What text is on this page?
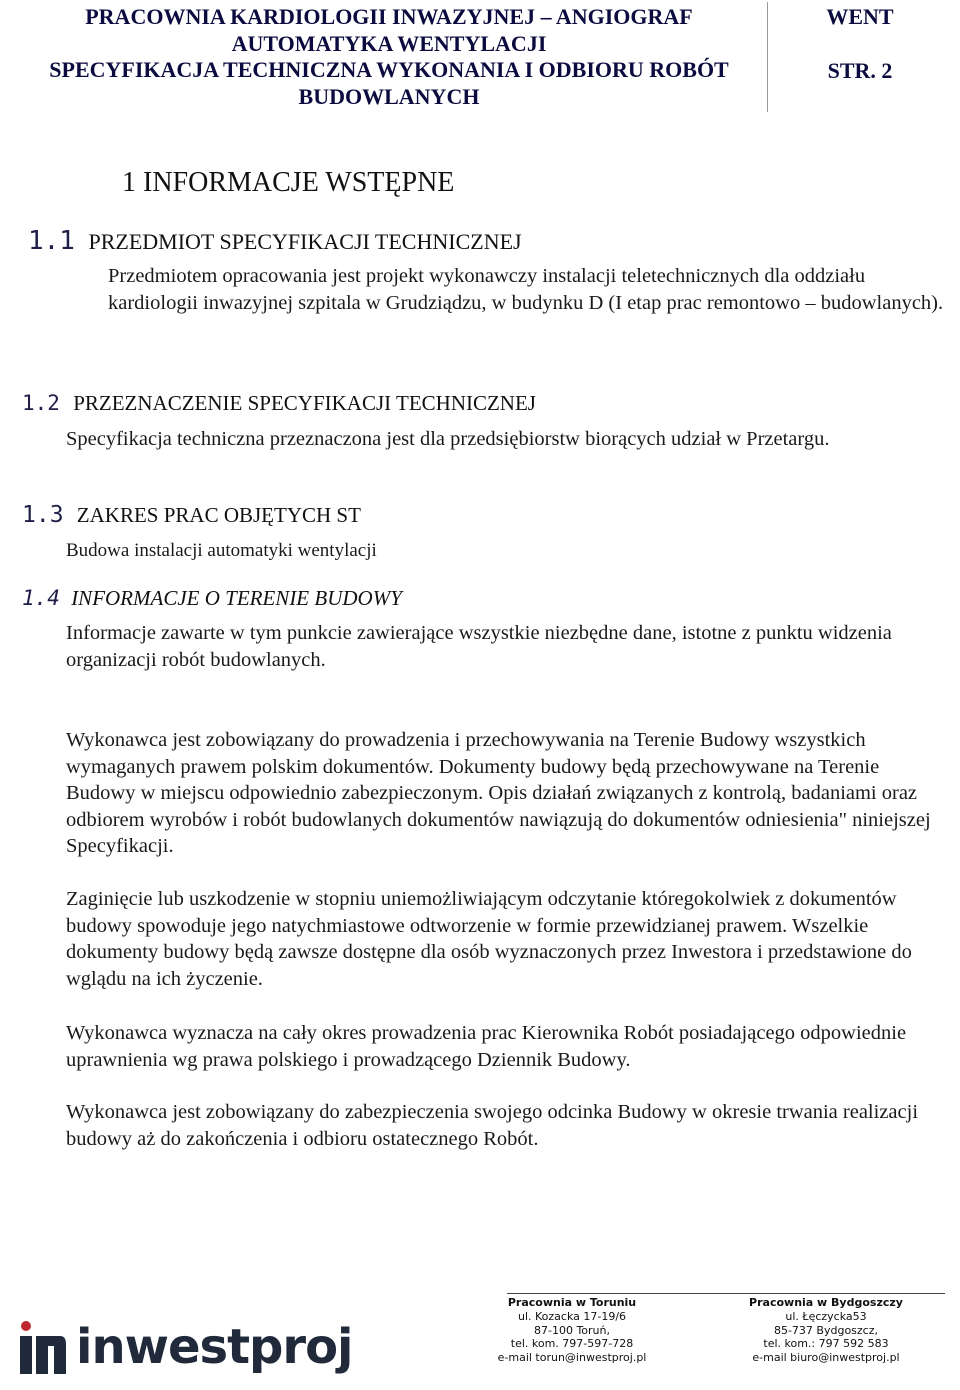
PRACOWNIA KARDIOLOGII INWAZYJNEJ – ANGIOGRAF
AUTOMATYKA WENTYLACJI
SPECYFIKACJA TECHNICZNA WYKONANIA I ODBIORU ROBÓT
BUDOWLANYCH
WENT
STR. 2
1 INFORMACJE WSTĘPNE
1.1 PRZEDMIOT SPECYFIKACJI TECHNICZNEJ

Przedmiotem opracowania jest projekt wykonawczy instalacji teletechnicznych dla oddziału kardiologii inwazyjnej szpitala w Grudziądzu, w budynku D (I etap prac remontowo – budowlanych).

1.2 PRZEZNACZENIE SPECYFIKACJI TECHNICZNEJ

Specyfikacja techniczna przeznaczona jest dla przedsiębiorstw biorących udział w Przetargu.

1.3 ZAKRES PRAC OBJĘTYCH ST

Budowa instalacji automatyki wentylacji

1.4 INFORMACJE O TERENIE BUDOWY

Informacje zawarte w tym punkcie zawierające wszystkie niezbędne dane, istotne z punktu widzenia organizacji robót budowlanych.

Wykonawca jest zobowiązany do prowadzenia i przechowywania na Terenie Budowy wszystkich wymaganych prawem polskim dokumentów. Dokumenty budowy będą przechowywane na Terenie Budowy w miejscu odpowiednio zabezpieczonym. Opis działań związanych z kontrolą, badaniami oraz odbiorem wyrobów i robót budowlanych dokumentów nawiązują do dokumentów odniesienia" niniejszej Specyfikacji.

Zaginięcie lub uszkodzenie w stopniu uniemożliwiającym odczytanie któregokolwiek z dokumentów budowy spowoduje jego natychmiastowe odtworzenie w formie przewidzianej prawem. Wszelkie dokumenty budowy będą zawsze dostępne dla osób wyznaczonych przez Inwestora i przedstawione do wglądu na ich życzenie.

Wykonawca wyznacza na cały okres prowadzenia prac Kierownika Robót posiadającego odpowiednie uprawnienia wg prawa polskiego i prowadzącego Dziennik Budowy.

Wykonawca jest zobowiązany do zabezpieczenia swojego odcinka Budowy w okresie trwania realizacji budowy aż do zakończenia i odbioru ostatecznego Robót.

inwestproj
Pracownia w Toruniu
ul. Kozacka 17-19/6
87-100 Toruń,
tel. kom. 797-597-728
e-mail torun@inwestproj.pl
Pracownia w Bydgoszczy
ul. Łęczycka53
85-737 Bydgoszcz,
tel. kom.: 797 592 583
e-mail biuro@inwestproj.pl
